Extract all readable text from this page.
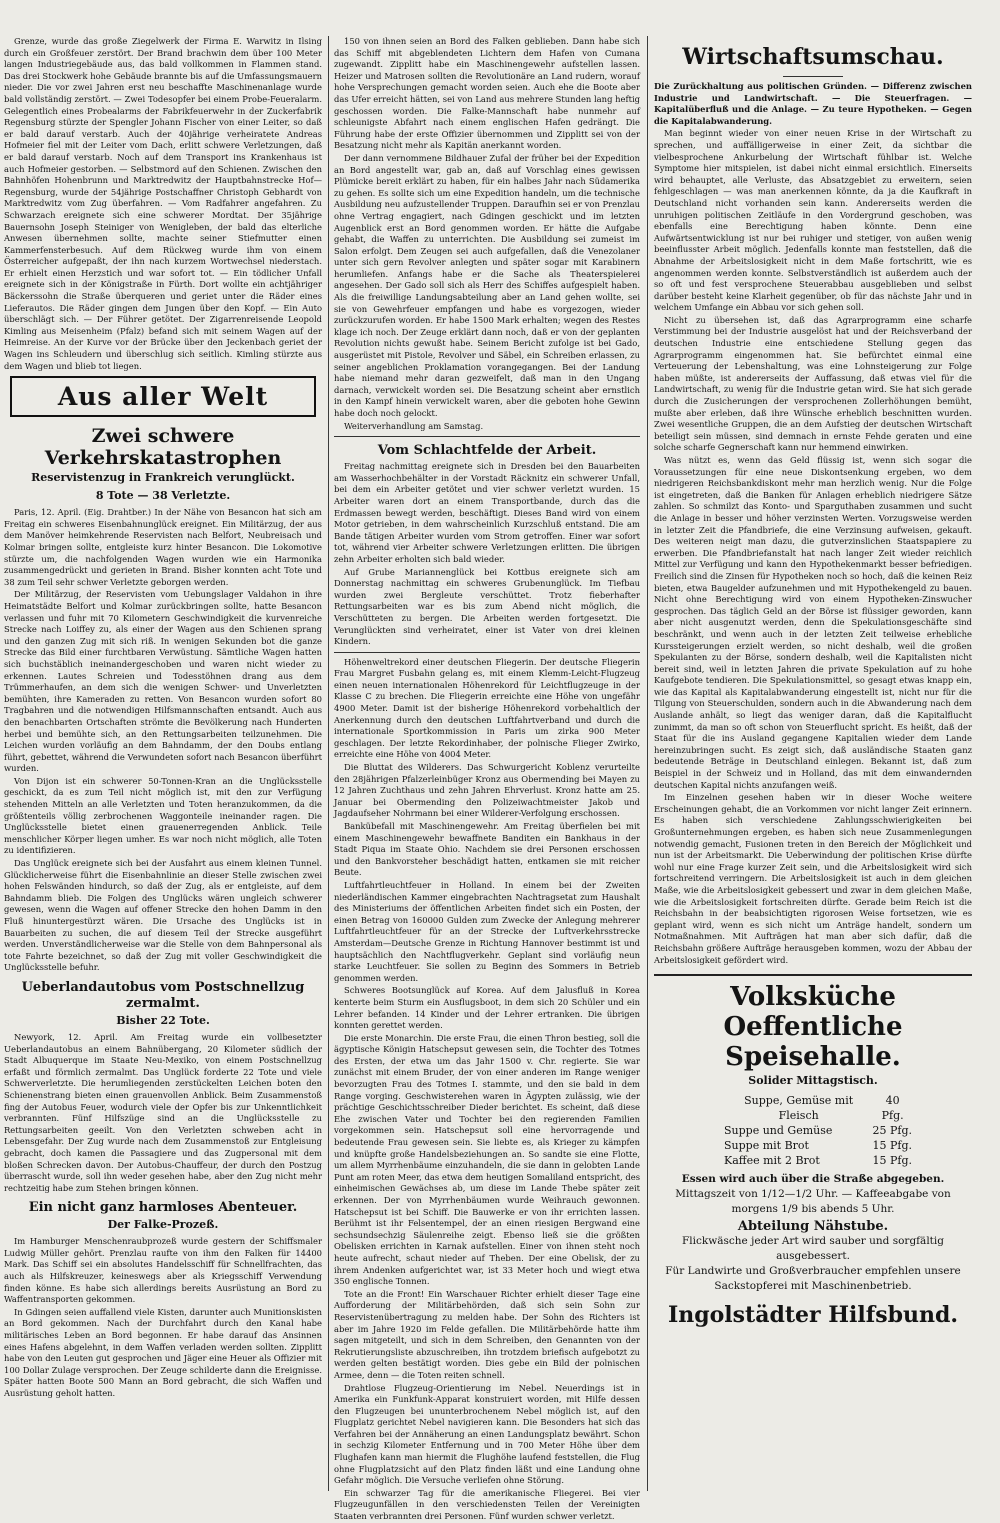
Grenze, wurde das große Ziegelwerk der Firma E. Warwitz in Ilsing durch ein Großfeuer zerstört. Der Brand brachwin dem über 100 Meter langen Industriegebäude aus, das bald vollkommen in Flammen stand. Das drei Stockwerk hohe Gebäude brannte bis auf die Umfassungsmauern nieder. Die vor zwei Jahren erst neu beschaffte Maschinenanlage wurde bald vollständig zerstört. — Zwei Todesopfer bei einem Probe-Feueralarm. Gelegentlich eines Probealarms der Fabrikfeuerwehr in der Zuckerfabrik Regensburg stürzte der Spengler Johann Fischer von einer Leiter, so daß er bald darauf verstarb. Auch der 40jährige verheiratete Andreas Hofmeier fiel mit der Leiter vom Dach, erlitt schwere Verletzungen, daß er bald darauf verstarb. Noch auf dem Transport ins Krankenhaus ist auch Hofmeier gestorben. — Selbstmord auf den Schienen. Zwischen den Bahnhöfen Hohenbrunn und Marktredwitz der Hauptbahnstrecke Hof—Regensburg, wurde der 54jährige Postschaffner Christoph Gebhardt von Marktredwitz vom Zug überfahren. — Vom Radfahrer angefahren. Zu Schwarzach ereignete sich eine schwerer Mordtat. Der 35jährige Bauernsohn Joseph Steiniger von Wenigleben, der bald das elterliche Anwesen übernehmen sollte, machte seiner Stiefmutter einen Kammerfensterbesuch. Auf dem Rückweg wurde ihm von einem Österreicher aufgepaßt, der ihn nach kurzem Wortwechsel niederstach. Er erhielt einen Herzstich und war sofort tot. — Ein tödlicher Unfall ereignete sich in der Königstraße in Fürth. Dort wollte ein achtjähriger Bäckerssohn die Straße überqueren und geriet unter die Räder eines Lieferautos. Die Räder gingen dem Jungen über den Kopf. — Ein Auto überschlägt sich. — Der Führer getötet. Der Zigarrenreisende Leopold Kimling aus Meisenheim (Pfalz) befand sich mit seinem Wagen auf der Heimreise. An der Kurve vor der Brücke über den Jeckenbach geriet der Wagen ins Schleudern und überschlug sich seitlich. Kimling stürzte aus dem Wagen und blieb tot liegen.
Aus aller Welt
Zwei schwere Verkehrskatastrophen
Reservistenzug in Frankreich verunglückt.
8 Tote — 38 Verletzte.
Paris, 12. April. (Eig. Drahtber.) In der Nähe von Besancon hat sich am Freitag ein schweres Eisenbahnunglück ereignet. Ein Militärzug, der aus dem Manöver heimkehrende Reservisten nach Belfort, Neubreisach und Kolmar bringen sollte, entgleiste kurz hinter Besancon. Die Lokomotive stürzte um, die nachfolgenden Wagen wurden wie ein Harmonika zusammengedrückt und gerieten in Brand. Bisher konnten acht Tote und 38 zum Teil sehr schwer Verletzte geborgen werden.
Der Militärzug, der Reservisten vom Uebungslager Valdahon in ihre Heimatstädte Belfort und Kolmar zurückbringen sollte, hatte Besancon verlassen und fuhr mit 70 Kilometern Geschwindigkeit die kurvenreiche Strecke nach Loiffey zu, als einer der Wagen aus den Schienen sprang und den ganzen Zug mit sich riß. In wenigen Sekunden bot die ganze Strecke das Bild einer furchtbaren Verwüstung. Sämtliche Wagen hatten sich buchstäblich ineinandergeschoben und waren nicht wieder zu erkennen. Lautes Schreien und Todesstöhnen drang aus dem Trümmerhaufen, an dem sich die wenigen Schwer- und Unverletzten bemühten, ihre Kameraden zu retten. Von Besancon wurden sofort 80 Tragbahren und die notwendigen Hilfsmannschaften entsandt. Auch aus den benachbarten Ortschaften strömte die Bevölkerung nach Hunderten herbei und bemühte sich, an den Rettungsarbeiten teilzunehmen. Die Leichen wurden vorläufig an dem Bahndamm, der den Doubs entlang führt, gebettet, während die Verwundeten sofort nach Besancon überführt wurden.
Von Dijon ist ein schwerer 50-Tonnen-Kran an die Unglücksstelle geschickt, da es zum Teil nicht möglich ist, mit den zur Verfügung stehenden Mitteln an alle Verletzten und Toten heranzukommen, da die größtenteils völlig zerbrochenen Waggonteile ineinander ragen. Die Unglücksstelle bietet einen grauenerregenden Anblick. Teile menschlicher Körper liegen umher. Es war noch nicht möglich, alle Toten zu identifizieren.
Das Unglück ereignete sich bei der Ausfahrt aus einem kleinen Tunnel. Glücklicherweise führt die Eisenbahnlinie an dieser Stelle zwischen zwei hohen Felswänden hindurch, so daß der Zug, als er entgleiste, auf dem Bahndamm blieb. Die Folgen des Unglücks wären ungleich schwerer gewesen, wenn die Wagen auf offener Strecke den hohen Damm in den Fluß hinuntergestürzt wären. Die Ursache des Unglücks ist in Bauarbeiten zu suchen, die auf diesem Teil der Strecke ausgeführt werden. Unverständlicherweise war die Stelle von dem Bahnpersonal als tote Fahrte bezeichnet, so daß der Zug mit voller Geschwindigkeit die Unglücksstelle befuhr.
Ueberlandautobus vom Postschnellzug zermalmt.
Bisher 22 Tote.
Newyork, 12. April. Am Freitag wurde ein vollbesetzter Ueberlandautobus an einem Bahnübergang, 20 Kilometer südlich der Stadt Albuquerque im Staate Neu-Mexiko, von einem Postschnellzug erfaßt und förmlich zermalmt. Das Unglück forderte 22 Tote und viele Schwerverletzte. Die herumliegenden zerstückelten Leichen boten den Schienenstrang bieten einen grauenvollen Anblick. Beim Zusammenstoß fing der Autobus Feuer, wodurch viele der Opfer bis zur Unkenntlichkeit verbrannten. Fünf Hilfszüge sind an die Unglücksstelle zu Rettungsarbeiten geeilt. Von den Verletzten schweben acht in Lebensgefahr. Der Zug wurde nach dem Zusammenstoß zur Entgleisung gebracht, doch kamen die Passagiere und das Zugpersonal mit dem bloßen Schrecken davon. Der Autobus-Chauffeur, der durch den Postzug überrascht wurde, soll ihn weder gesehen habe, aber den Zug nicht mehr rechtzeitig habe zum Stehen bringen können.
Ein nicht ganz harmloses Abenteuer.
Der Falke-Prozeß.
Im Hamburger Menschenraubprozeß wurde gestern der Schiffsmaler Ludwig Müller gehört. Prenzlau raufte von ihm den Falken für 14400 Mark. Das Schiff sei ein absolutes Handelsschiff für Schnellfrachten, das auch als Hilfskreuzer, keineswegs aber als Kriegsschiff Verwendung finden könne. Es habe sich allerdings bereits Ausrüstung an Bord zu Waffentransporten gekommen.
In Gdingen seien auffallend viele Kisten, darunter auch Munitionskisten an Bord gekommen. Nach der Durchfahrt durch den Kanal habe militärisches Leben an Bord begonnen. Er habe darauf das Ansinnen eines Hafens abgelehnt, in dem Waffen verladen werden sollten. Zipplitt habe von den Leuten gut gesprochen und Jäger eine Heuer als Offizier mit 100 Dollar Zulage versprochen. Der Zeuge schilderte dann die Ereignisse. Später hatten Boote 500 Mann an Bord gebracht, die sich Waffen und Ausrüstung geholt hatten.
150 von ihnen seien an Bord des Falken geblieben. Dann habe sich das Schiff mit abgeblendeten Lichtern dem Hafen von Cumana zugewandt. Zipplitt habe ein Maschinengewehr aufstellen lassen. Heizer und Matrosen sollten die Revolutionäre an Land rudern, worauf hohe Versprechungen gemacht worden seien. Auch ehe die Boote aber das Ufer erreicht hätten, sei von Land aus mehrere Stunden lang heftig geschossen worden. Die Falke-Mannschaft habe nunmehr auf schleunigste Abfahrt nach einem englischen Hafen gedrängt. Die Führung habe der erste Offizier übernommen und Zipplitt sei von der Besatzung nicht mehr als Kapitän anerkannt worden.
Der dann vernommene Bildhauer Zufal der früher bei der Expedition an Bord angestellt war, gab an, daß auf Vorschlag eines gewissen Plümicke bereit erklärt zu haben, für ein halbes Jahr nach Südamerika zu gehen. Es sollte sich um eine Expedition handeln, um die technische Ausbildung neu aufzustellender Truppen. Daraufhin sei er von Prenzlau ohne Vertrag engagiert, nach Gdingen geschickt und im letzten Augenblick erst an Bord genommen worden. Er hätte die Aufgabe gehabt, die Waffen zu unterrichten. Die Ausbildung sei zumeist im Salon erfolgt. Dem Zeugen sei auch aufgefallen, daß die Venezolaner unter sich gern Revolver anlegten und später sogar mit Karabinern herumliefen. Anfangs habe er die Sache als Theaterspielerei angesehen. Der Gado soll sich als Herr des Schiffes aufgespielt haben. Als die freiwillige Landungsabteilung aber an Land gehen wollte, sei sie von Gewehrfeuer empfangen und habe es vorgezogen, wieder zurückzurufen worden. Er habe 1500 Mark erhalten; wegen des Restes klage ich noch. Der Zeuge erklärt dann noch, daß er von der geplanten Revolution nichts gewußt habe. Seinem Bericht zufolge ist bei Gado, ausgerüstet mit Pistole, Revolver und Säbel, ein Schreiben erlassen, zu seiner angeblichen Proklamation vorangegangen. Bei der Landung habe niemand mehr daran gezweifelt, daß man in den Ungang darnach, verwickelt worden sei. Die Besatzung scheint aber ernstlich in den Kampf hinein verwickelt waren, aber die geboten hohe Gewinn habe doch noch gelockt.
Weiterverhandlung am Samstag.
Vom Schlachtfelde der Arbeit.
Freitag nachmittag ereignete sich in Dresden bei den Bauarbeiten am Wasserhochbehälter in der Vorstadt Räcknitz ein schwerer Unfall, bei dem ein Arbeiter getötet und vier schwer verletzt wurden. 15 Arbeiter waren dort an einem Transportbande, durch das die Erdmassen bewegt werden, beschäftigt. Dieses Band wird von einem Motor getrieben, in dem wahrscheinlich Kurzschluß entstand. Die am Bande tätigen Arbeiter wurden vom Strom getroffen. Einer war sofort tot, während vier Arbeiter schwere Verletzungen erlitten. Die übrigen zehn Arbeiter erholten sich bald wieder.
Auf Grube Mariannenglück bei Kottbus ereignete sich am Donnerstag nachmittag ein schweres Grubenunglück. Im Tiefbau wurden zwei Bergleute verschüttet. Trotz fieberhafter Rettungsarbeiten war es bis zum Abend nicht möglich, die Verschütteten zu bergen. Die Arbeiten werden fortgesetzt. Die Verunglückten sind verheiratet, einer ist Vater von drei kleinen Kindern.
Höhenweltrekord einer deutschen Fliegerin. Der deutsche Fliegerin Frau Margret Fusbahn gelang es, mit einem Klemm-Leicht-Flugzeug einen neuen internationalen Höhenrekord für Leichtflugzeuge in der Klasse C zu brechen. Die Fliegerin erreichte eine Höhe von ungefähr 4900 Meter. Damit ist der bisherige Höhenrekord vorbehaltlich der Anerkennung durch den deutschen Luftfahrtverband und durch die internationale Sportkommission in Paris um zirka 900 Meter geschlagen. Der letzte Rekordinhaber, der polnische Flieger Zwirko, erreichte eine Höhe von 4004 Meter.
Die Bluttat des Wilderers. Das Schwurgericht Koblenz verurteilte den 28jährigen Pfalzerleinbüger Kronz aus Obermending bei Mayen zu 12 Jahren Zuchthaus und zehn Jahren Ehrverlust. Kronz hatte am 25. Januar bei Obermending den Polizeiwachtmeister Jakob und Jagdaufseher Nohrmann bei einer Wilderer-Verfolgung erschossen.
Bankübefall mit Maschinengewehr. Am Freitag überfielen bei mit einem Maschinengewehr bewaffnete Banditen ein Bankhaus in der Stadt Piqua im Staate Ohio. Nachdem sie drei Personen erschossen und den Bankvorsteher beschädigt hatten, entkamen sie mit reicher Beute.
Luftfahrtleuchtfeuer in Holland. In einem bei der Zweiten niederländischen Kammer eingebrachten Nachtragsetat zum Haushalt des Ministeriums der öffentlichen Arbeiten findet sich ein Posten, der einen Betrag von 160000 Gulden zum Zwecke der Anlegung mehrerer Luftfahrtleuchtfeuer für an der Strecke der Luftverkehrsstrecke Amsterdam—Deutsche Grenze in Richtung Hannover bestimmt ist und hauptsächlich den Nachtflugverkehr. Geplant sind vorläufig neun starke Leuchtfeuer. Sie sollen zu Beginn des Sommers in Betrieb genommen werden.
Schweres Bootsunglück auf Korea. Auf dem Jalusfluß in Korea kenterte beim Sturm ein Ausflugsboot, in dem sich 20 Schüler und ein Lehrer befanden. 14 Kinder und der Lehrer ertranken. Die übrigen konnten gerettet werden.
Die erste Monarchin. Die erste Frau, die einen Thron bestieg, soll die ägyptische Königin Hatschepsut gewesen sein, die Tochter des Totmes des Ersten, der etwa um das Jahr 1500 v. Chr. regierte. Sie war zunächst mit einem Bruder, der von einer anderen im Range weniger bevorzugten Frau des Totmes I. stammte, und den sie bald in dem Range vorging. Geschwisterehen waren in Ägypten zulässig, wie der prächtige Geschichtsschreiber Dieder berichtet. Es scheint, daß diese Ehe zwischen Vater und Tochter bei den regierenden Familien vorgekommen sein. Hatschepsut soll eine hervorragende und bedeutende Frau gewesen sein. Sie liebte es, als Krieger zu kämpfen und knüpfte große Handelsbeziehungen an. So sandte sie eine Flotte, um allem Myrrhenbäume einzuhandeln, die sie dann in gelobten Lande Punt am roten Meer, das etwa dem heutigen Somaliland entspricht, des einheimischen Gewächses ab, um diese im Lande Thebe später zeit erkennen. Der von Myrrhenbäumen wurde Weihrauch gewonnen. Hatschepsut ist bei Schiff. Die Bauwerke er von ihr errichten lassen. Berühmt ist ihr Felsentempel, der an einen riesigen Bergwand eine sechsundsechzig Säulenreihe zeigt. Ebenso ließ sie die größten Obelisken errichten in Karnak aufstellen. Einer von ihnen steht noch heute aufrecht, schaut nieder auf Theben. Der eine Obelisk, der zu ihrem Andenken aufgerichtet war, ist 33 Meter hoch und wiegt etwa 350 englische Tonnen.
Tote an die Front! Ein Warschauer Richter erhielt dieser Tage eine Aufforderung der Militärbehörden, daß sich sein Sohn zur Reservistenübertragung zu melden habe. Der Sohn des Richters ist aber im Jahre 1920 im Felde gefallen. Die Militärbehörde hatte ihm sagen mitgeteilt, und sich in dem Schreiben, den Genannten von der Rekrutierungsliste abzuschreiben, ihn trotzdem briefisch aufgebotzt zu werden gelten bestätigt worden. Dies gebe ein Bild der polnischen Armee, denn — die Toten reiten schnell.
Drahtlose Flugzeug-Orientierung im Nebel. Neuerdings ist in Amerika ein Funkfunk-Apparat konstruiert worden, mit Hilfe dessen den Flugzeugen bei ununterbrochenem Nebel möglich ist, auf den Flugplatz gerichtet Nebel navigieren kann. Die Besonders hat sich das Verfahren bei der Annäherung an einen Landungsplatz bewährt. Schon in sechzig Kilometer Entfernung und in 700 Meter Höhe über dem Flughafen kann man hiermit die Flughöhe laufend feststellen, die Flug ohne Flugplatzsicht auf den Platz finden läßt und eine Landung ohne Gefahr möglich. Die Versuche verliefen ohne Störung.
Ein schwarzer Tag für die amerikanische Fliegerei. Bei vier Flugzeugunfällen in den verschiedensten Teilen der Vereinigten Staaten verbrannten drei Personen. Fünf wurden schwer verletzt.
Wirtschaftsumschau.
Die Zurückhaltung aus politischen Gründen. — Differenz zwischen Industrie und Landwirtschaft. — Die Steuerfragen. — Kapitalüberfluß und die Anlage. — Zu teure Hypotheken. — Gegen die Kapitalabwanderung.
Man beginnt wieder von einer neuen Krise in der Wirtschaft zu sprechen, und auffälligerweise in einer Zeit, da sichtbar die vielbesprochene Ankurbelung der Wirtschaft fühlbar ist. Welche Symptome hier mitspielen, ist dabei nicht einmal ersichtlich. Einerseits wird behauptet, alle Verluste, das Absatzgebiet zu erweitern, seien fehlgeschlagen — was man anerkennen könnte, da ja die Kaufkraft in Deutschland nicht vorhanden sein kann. Andererseits werden die unruhigen politischen Zeitläufe in den Vordergrund geschoben, was ebenfalls eine Berechtigung haben könnte. Denn eine Aufwärtsentwicklung ist nur bei ruhiger und stetiger, von außen wenig beeinflusster Arbeit möglich. Jedenfalls konnte man feststellen, daß die Abnahme der Arbeitslosigkeit nicht in dem Maße fortschritt, wie es angenommen werden konnte. Selbstverständlich ist außerdem auch der so oft und fest versprochene Steuerabbau ausgeblieben und selbst darüber besteht keine Klarheit gegenüber, ob für das nächste Jahr und in welchem Umfange ein Abbau vor sich gehen soll.
Nicht zu übersehen ist, daß das Agrarprogramm eine scharfe Verstimmung bei der Industrie ausgelöst hat und der Reichsverband der deutschen Industrie eine entschiedene Stellung gegen das Agrarprogramm eingenommen hat. Sie befürchtet einmal eine Verteuerung der Lebenshaltung, was eine Lohnsteigerung zur Folge haben müßte, ist andererseits der Auffassung, daß etwas viel für die Landwirtschaft, zu wenig für die Industrie getan wird. Sie hat sich gerade durch die Zusicherungen der versprochenen Zollerhöhungen bemüht, mußte aber erleben, daß ihre Wünsche erheblich beschnitten wurden. Zwei wesentliche Gruppen, die an dem Aufstieg der deutschen Wirtschaft beteiligt sein müssen, sind demnach in ernste Fehde geraten und eine solche scharfe Gegnerschaft kann nur hemmend einwirken.
Was nützt es, wenn das Geld flüssig ist, wenn sich sogar die Voraussetzungen für eine neue Diskontsenkung ergeben, wo dem niedrigeren Reichsbankdiskont mehr man herzlich wenig. Nur die Folge ist eingetreten, daß die Banken für Anlagen erheblich niedrigere Sätze zahlen. So schmilzt das Konto- und Sparguthaben zusammen und sucht die Anlage in besser und höher verzinsten Werten. Vorzugsweise werden in letzter Zeit die Pfandbriefe, die eine Verzinsung aufweisen, gekauft. Des weiteren neigt man dazu, die gutverzinslichen Staatspapiere zu erwerben. Die Pfandbriefanstalt hat nach langer Zeit wieder reichlich Mittel zur Verfügung und kann den Hypothekenmarkt besser befriedigen. Freilich sind die Zinsen für Hypotheken noch so hoch, daß die keinen Reiz bieten, etwa Baugelder aufzunehmen und mit Hypothekengeld zu bauen. Nicht ohne Berechtigung wird von einem Hypotheken-Zinswucher gesprochen. Das täglich Geld an der Börse ist flüssiger geworden, kann aber nicht ausgenutzt werden, denn die Spekulationsgeschäfte sind beschränkt, und wenn auch in der letzten Zeit teilweise erhebliche Kurssteigerungen erzielt werden, so nicht deshalb, weil die großen Spekulanten zu der Börse, sondern deshalb, weil die Kapitalisten nicht bereit sind, weil in letzten Jahren die private Spekulation auf zu hohe Kaufgebote tendieren. Die Spekulationsmittel, so gesagt etwas knapp ein, wie das Kapital als Kapitalabwanderung eingestellt ist, nicht nur für die Tilgung von Steuerschulden, sondern auch in die Abwanderung nach dem Auslande anhält, so liegt das weniger daran, daß die Kapitalflucht zunimmt, da man so oft schon von Steuerflucht spricht. Es heißt, daß der Staat für die ins Ausland gegangene Kapitalien wieder dem Lande hereinzubringen sucht. Es zeigt sich, daß ausländische Staaten ganz bedeutende Beträge in Deutschland einlegen. Bekannt ist, daß zum Beispiel in der Schweiz und in Holland, das mit dem einwandernden deutschen Kapital nichts anzufangen weiß.
Im Einzelnen gesehen haben wir in dieser Woche weitere Erscheinungen gehabt, die an Vorkommen vor nicht langer Zeit erinnern. Es haben sich verschiedene Zahlungsschwierigkeiten bei Großunternehmungen ergeben, es haben sich neue Zusammenlegungen notwendig gemacht, Fusionen treten in den Bereich der Möglichkeit und nun ist der Arbeitsmarkt. Die Ueberwindung der politischen Krise dürfte wohl nur eine Frage kurzer Zeit sein, und die Arbeitslosigkeit wird sich fortschreitend verringern. Die Arbeitslosigkeit ist auch in dem gleichen Maße, wie die Arbeitslosigkeit gebessert und zwar in dem gleichen Maße, wie die Arbeitslosigkeit fortschreiten dürfte. Gerade beim Reich ist die Reichsbahn in der beabsichtigten rigorosen Weise fortsetzen, wie es geplant wird, wenn es sich nicht um Anträge handelt, sondern um Notmaßnahmen. Mit Aufträgen hat man aber sich dafür, daß die Reichsbahn größere Aufträge herausgeben kommen, wozu der Abbau der Arbeitslosigkeit gefördert wird.
Volksküche
Oeffentliche Speisehalle.
Solider Mittagstisch.
Suppe, Gemüse mit Fleisch
40 Pfg.
Suppe und Gemüse	25 Pfg.
Suppe mit Brot	15 Pfg.
Kaffee mit 2 Brot	15 Pfg.
Essen wird auch über die Straße abgegeben.
Mittagszeit von 1/12—1/2 Uhr. — Kaffeeabgabe von morgens 1/9 bis abends 5 Uhr.
Abteilung Nähstube.
Flickwäsche jeder Art wird sauber und sorgfältig ausgebessert.
Für Landwirte und Großverbraucher empfehlen unsere Sackstopferei mit Maschinenbetrieb.
Ingolstädter Hilfsbund.
